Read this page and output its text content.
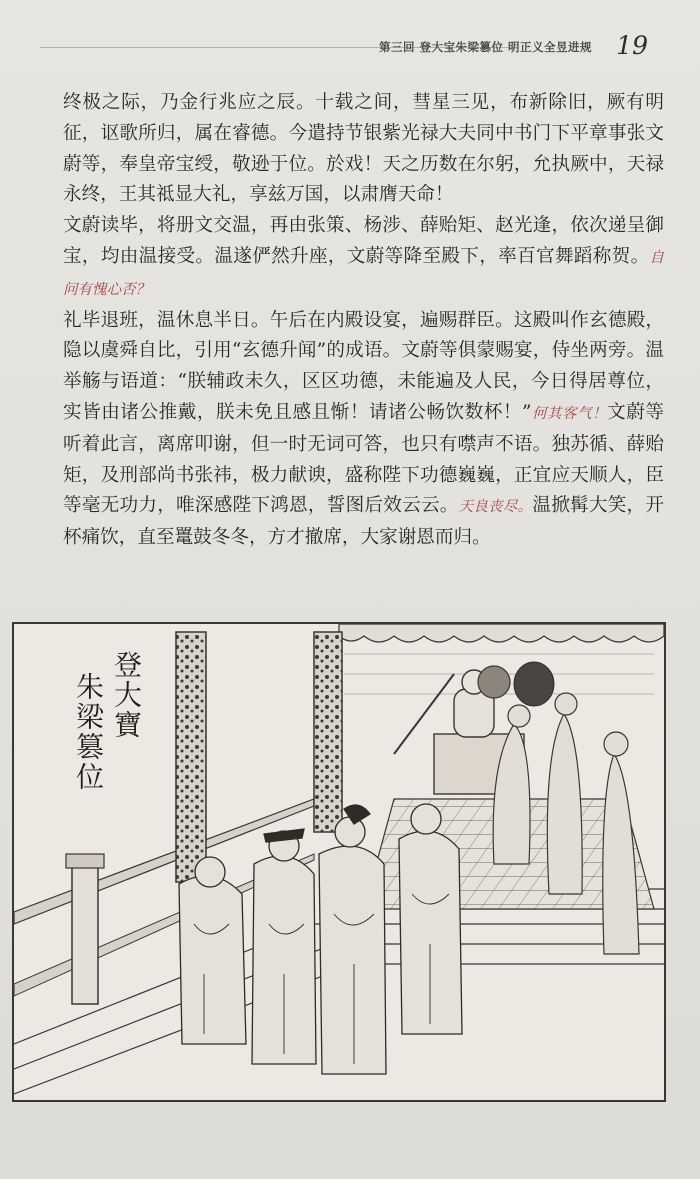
第三回 登大宝朱梁篡位 明正义全昱进规 19

终极之际，乃金行兆应之辰。十载之间，彗星三见，布新除旧，厥有明征，讴歌所归，属在睿德。今遣持节银紫光禄大夫同中书门下平章事张文蔚等，奉皇帝宝绶，敬逊于位。於戏！天之历数在尔躬，允执厥中，天禄永终，王其祗显大礼，享兹万国，以肃膺天命！

文蔚读毕，将册文交温，再由张策、杨涉、薛贻矩、赵光逢，依次递呈御宝，均由温接受。温遂俨然升座，文蔚等降至殿下，率百官舞蹈称贺。自问有愧心否？

礼毕退班，温休息半日。午后在内殿设宴，遍赐群臣。这殿叫作玄德殿，隐以虞舜自比，引用“玄德升闻”的成语。文蔚等俱蒙赐宴，侍坐两旁。温举觞与语道：“朕辅政未久，区区功德，未能遍及人民，今日得居尊位，实皆由诸公推戴，朕未免且感且惭！请诸公畅饮数杯！”何其客气！文蔚等听着此言，离席叩谢，但一时无词可答，也只有噤声不语。独苏循、薛贻矩，及刑部尚书张祎，极力献谀，盛称陛下功德巍巍，正宜应天顺人，臣等毫无功力，唯深感陛下鸿恩，誓图后效云云。天良丧尽。温掀髯大笑，开杯痛饮，直至鼍鼓冬冬，方才撤席，大家谢恩而归。

登大寶
朱梁篡位
